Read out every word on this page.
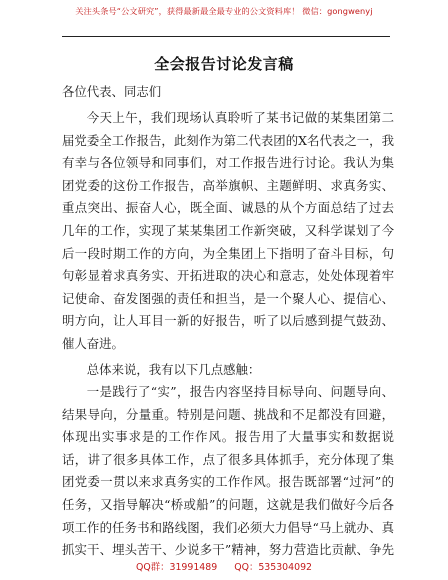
关注头条号“公文研究”，获得最新最全最专业的公文资料库！ 微信：gongwenyj
全会报告讨论发言稿
各位代表、同志们

今天上午，我们现场认真聆听了某书记做的某集团第二届党委全工作报告，此刻作为第二代表团的X名代表之一，我有幸与各位领导和同事们，对工作报告进行讨论。我认为集团党委的这份工作报告，高举旗帜、主题鲜明、求真务实、重点突出、振奋人心，既全面、诚恳的从个方面总结了过去几年的工作，实现了某某集团工作新突破，又科学谋划了今后一段时期工作的方向，为全集团上下指明了奋斗目标，句句彰显着求真务实、开拓进取的决心和意志，处处体现着牢记使命、奋发图强的责任和担当，是一个聚人心、提信心、明方向，让人耳目一新的好报告，听了以后感到提气鼓劲、催人奋进。

总体来说，我有以下几点感触：

一是践行了“实”，报告内容坚持目标导向、问题导向、结果导向，分量重。特别是问题、挑战和不足都没有回避，体现出实事求是的工作作风。报告用了大量事实和数据说话，讲了很多具体工作，点了很多具体抓手，充分体现了集团党委一贯以来求真务实的工作作风。报告既部署“过河”的任务，又指导解决“桥或船”的问题，这就是我们做好今后各项工作的任务书和路线图，我们必须大力倡导“马上就办、真抓实干、埋头苦干、少说多干”精神，努力营造比贡献、争先

QQ群：31991489 QQ：535304092
